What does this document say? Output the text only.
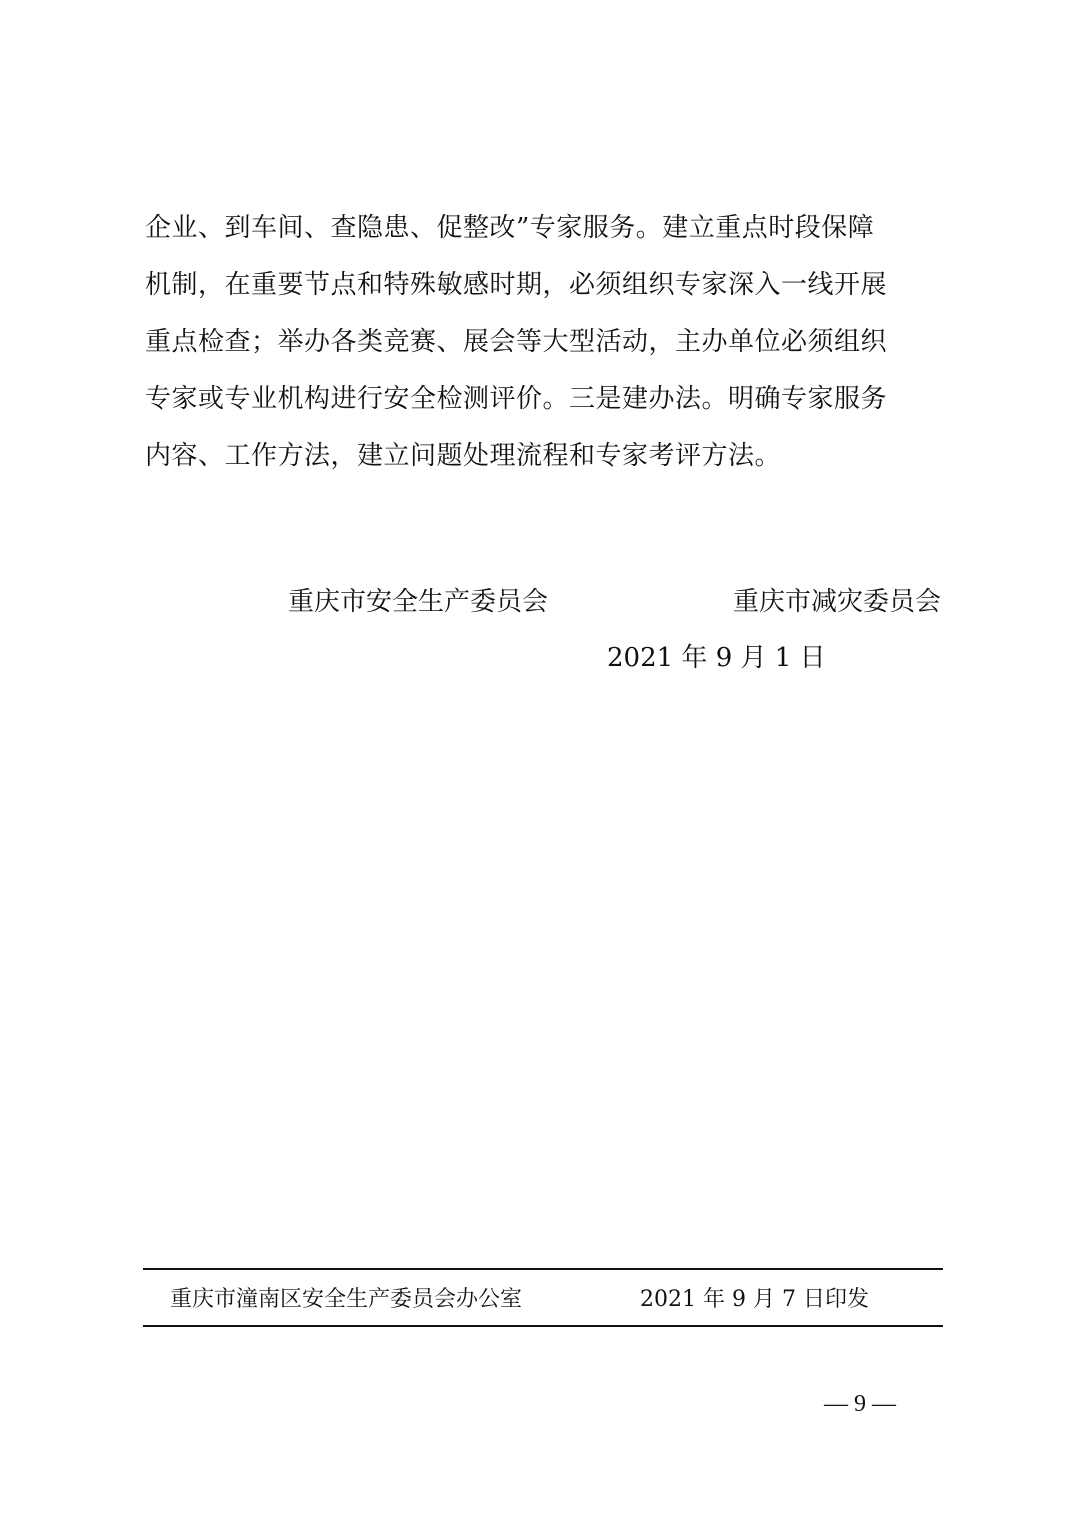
企业、到车间、查隐患、促整改”专家服务。建立重点时段保障
机制，在重要节点和特殊敏感时期，必须组织专家深入一线开展
重点检查；举办各类竞赛、展会等大型活动，主办单位必须组织
专家或专业机构进行安全检测评价。三是建办法。明确专家服务
内容、工作方法，建立问题处理流程和专家考评方法。
重庆市安全生产委员会	重庆市减灾委员会
2021 年 9 月 1 日
重庆市潼南区安全生产委员会办公室	2021 年 9 月 7 日印发
— 9 —
